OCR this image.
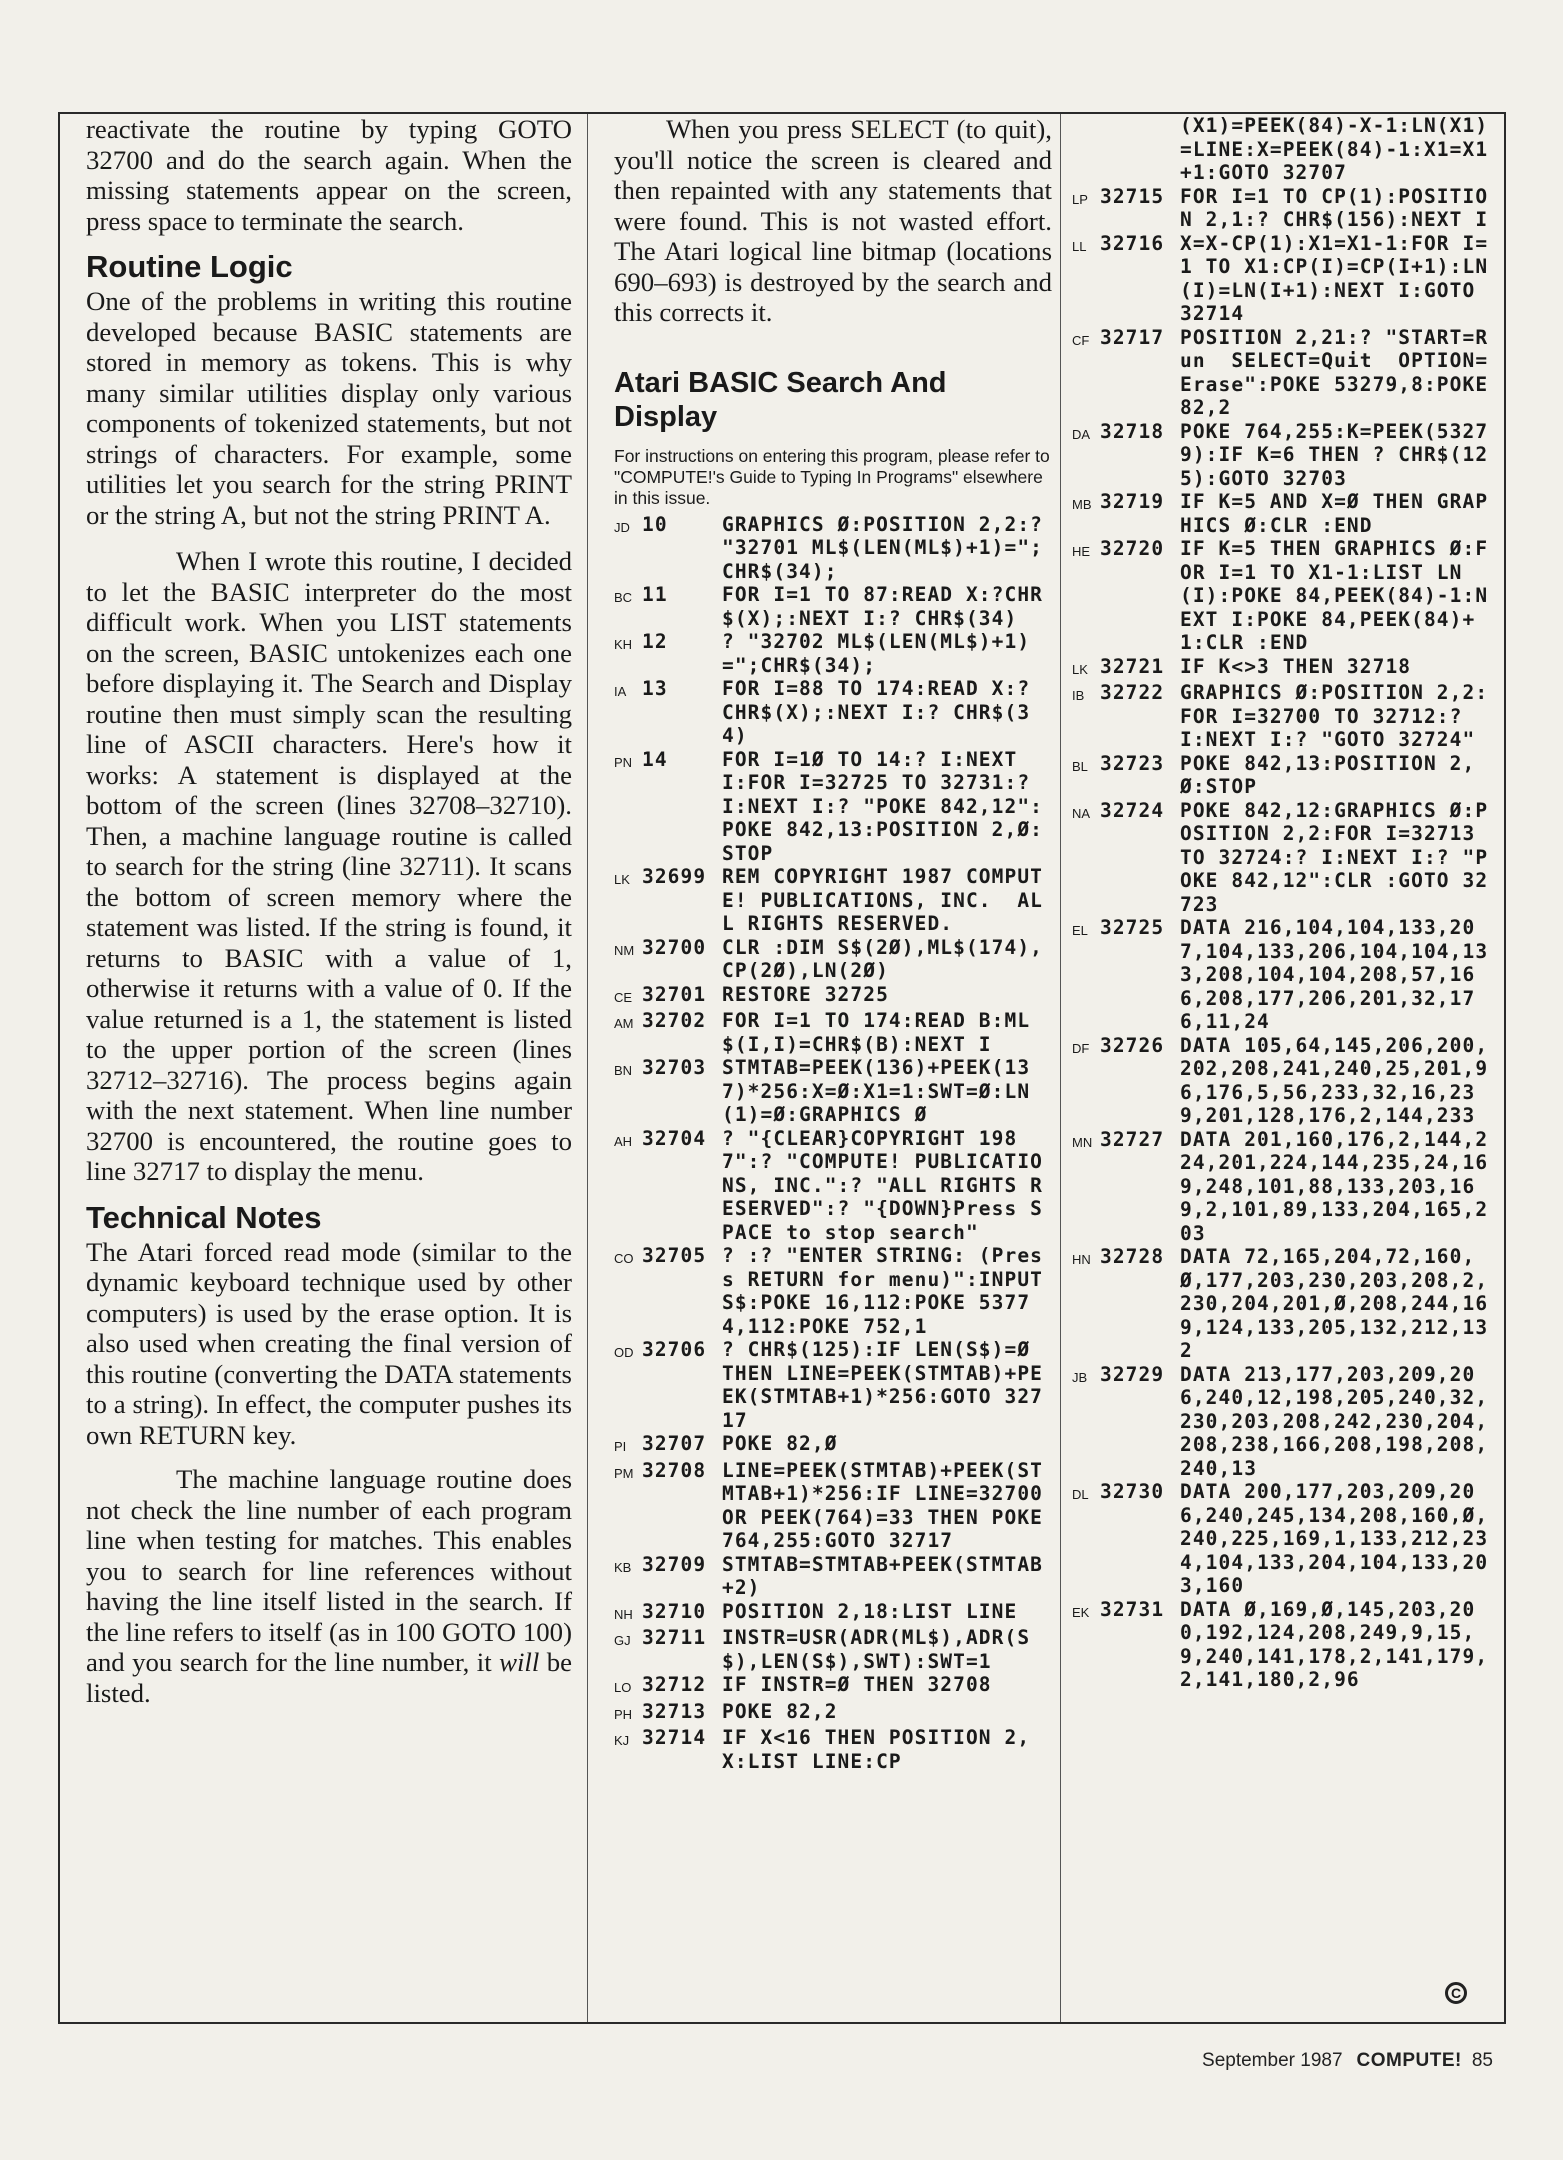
reactivate the routine by typing GOTO 32700 and do the search again. When the missing statements appear on the screen, press space to terminate the search.

Routine Logic

One of the problems in writing this routine developed because BASIC statements are stored in memory as tokens. This is why many similar utilities display only various components of tokenized statements, but not strings of characters. For example, some utilities let you search for the string PRINT or the string A, but not the string PRINT A.

When I wrote this routine, I decided to let the BASIC interpreter do the most difficult work. When you LIST statements on the screen, BASIC untokenizes each one before displaying it. The Search and Display routine then must simply scan the resulting line of ASCII characters. Here's how it works: A statement is displayed at the bottom of the screen (lines 32708–32710). Then, a machine language routine is called to search for the string (line 32711). It scans the bottom of screen memory where the statement was listed. If the string is found, it returns to BASIC with a value of 1, otherwise it returns with a value of 0. If the value returned is a 1, the statement is listed to the upper portion of the screen (lines 32712–32716). The process begins again with the next statement. When line number 32700 is encountered, the routine goes to line 32717 to display the menu.

Technical Notes

The Atari forced read mode (similar to the dynamic keyboard technique used by other computers) is used by the erase option. It is also used when creating the final version of this routine (converting the DATA statements to a string). In effect, the computer pushes its own RETURN key.

The machine language routine does not check the line number of each program line when testing for matches. This enables you to search for line references without having the line itself listed in the search. If the line refers to itself (as in 100 GOTO 100) and you search for the line number, it will be listed.

When you press SELECT (to quit), you'll notice the screen is cleared and then repainted with any statements that were found. This is not wasted effort. The Atari logical line bitmap (locations 690–693) is destroyed by the search and this corrects it.

Atari BASIC Search And Display

For instructions on entering this program, please refer to "COMPUTE!'s Guide to Typing In Programs" elsewhere in this issue.

JD 10	GRAPHICS Ø:POSITION 2,2:? "32701 ML$(LEN(ML$)+1)=";CHR$(34);
BC 11	FOR I=1 TO 87:READ X:?CHR$(X);:NEXT I:? CHR$(34)
KH 12	? "32702 ML$(LEN(ML$)+1)=";CHR$(34);
IA 13	FOR I=88 TO 174:READ X:? CHR$(X);:NEXT I:? CHR$(34)
PN 14	FOR I=1Ø TO 14:? I:NEXT I:FOR I=32725 TO 32731:? I:NEXT I:? "POKE 842,12":POKE 842,13:POSITION 2,Ø:STOP
LK 32699 REM COPYRIGHT 1987 COMPUTE! PUBLICATIONS, INC.  ALL RIGHTS RESERVED.
NM 32700 CLR :DIM S$(2Ø),ML$(174),CP(2Ø),LN(2Ø)
CE 32701 RESTORE 32725
AM 32702 FOR I=1 TO 174:READ B:ML$(I,I)=CHR$(B):NEXT I
BN 32703 STMTAB=PEEK(136)+PEEK(137)*256:X=Ø:X1=1:SWT=Ø:LN(1)=Ø:GRAPHICS Ø
AH 32704 ? "{CLEAR}COPYRIGHT 1987":? "COMPUTE! PUBLICATIONS, INC.":? "ALL RIGHTS RESERVED":? "{DOWN}Press SPACE to stop search"
CO 32705 ? :? "ENTER STRING: (Press RETURN for menu)":INPUT S$:POKE 16,112:POKE 53774,112:POKE 752,1
OD 32706 ? CHR$(125):IF LEN(S$)=Ø THEN LINE=PEEK(STMTAB)+PEEK(STMTAB+1)*256:GOTO 32717
PI 32707 POKE 82,Ø
PM 32708 LINE=PEEK(STMTAB)+PEEK(STMTAB+1)*256:IF LINE=32700 OR PEEK(764)=33 THEN POKE 764,255:GOTO 32717
KB 32709 STMTAB=STMTAB+PEEK(STMTAB+2)
NH 32710 POSITION 2,18:LIST LINE
GJ 32711 INSTR=USR(ADR(ML$),ADR(S$),LEN(S$),SWT):SWT=1
LO 32712 IF INSTR=Ø THEN 32708
PH 32713 POKE 82,2
KJ 32714 IF X<16 THEN POSITION 2,X:LIST LINE:CP
(X1)=PEEK(84)-X-1:LN(X1)=LINE:X=PEEK(84)-1:X1=X1+1:GOTO 32707
LP 32715 FOR I=1 TO CP(1):POSITION 2,1:? CHR$(156):NEXT I
LL 32716 X=X-CP(1):X1=X1-1:FOR I=1 TO X1:CP(I)=CP(I+1):LN(I)=LN(I+1):NEXT I:GOTO 32714
CF 32717 POSITION 2,21:? "START=Run  SELECT=Quit  OPTION=Erase":POKE 53279,8:POKE 82,2
DA 32718 POKE 764,255:K=PEEK(53279):IF K=6 THEN ? CHR$(125):GOTO 32703
MB 32719 IF K=5 AND X=Ø THEN GRAPHICS Ø:CLR :END
HE 32720 IF K=5 THEN GRAPHICS Ø:FOR I=1 TO X1-1:LIST LN(I):POKE 84,PEEK(84)-1:NEXT I:POKE 84,PEEK(84)+1:CLR :END
LK 32721 IF K<>3 THEN 32718
IB 32722 GRAPHICS Ø:POSITION 2,2:FOR I=32700 TO 32712:? I:NEXT I:? "GOTO 32724"
BL 32723 POKE 842,13:POSITION 2,Ø:STOP
NA 32724 POKE 842,12:GRAPHICS Ø:POSITION 2,2:FOR I=32713 TO 32724:? I:NEXT I:? "POKE 842,12":CLR :GOTO 32723
EL 32725 DATA 216,104,104,133,207,104,133,206,104,104,133,208,104,104,208,57,166,208,177,206,201,32,176,11,24
DF 32726 DATA 105,64,145,206,200,202,208,241,240,25,201,96,176,5,56,233,32,16,239,201,128,176,2,144,233
MN 32727 DATA 201,160,176,2,144,224,201,224,144,235,24,169,248,101,88,133,203,169,2,101,89,133,204,165,203
HN 32728 DATA 72,165,204,72,160,Ø,177,203,230,203,208,2,230,204,201,Ø,208,244,169,124,133,205,132,212,132
JB 32729 DATA 213,177,203,209,206,240,12,198,205,240,32,230,203,208,242,230,204,208,238,166,208,198,208,240,13
DL 32730 DATA 200,177,203,209,206,240,245,134,208,160,Ø,240,225,169,1,133,212,234,104,133,204,104,133,203,160
EK 32731 DATA Ø,169,Ø,145,203,200,192,124,208,249,9,15,9,240,141,178,2,141,179,2,141,180,2,96
C
September 1987 COMPUTE! 85
